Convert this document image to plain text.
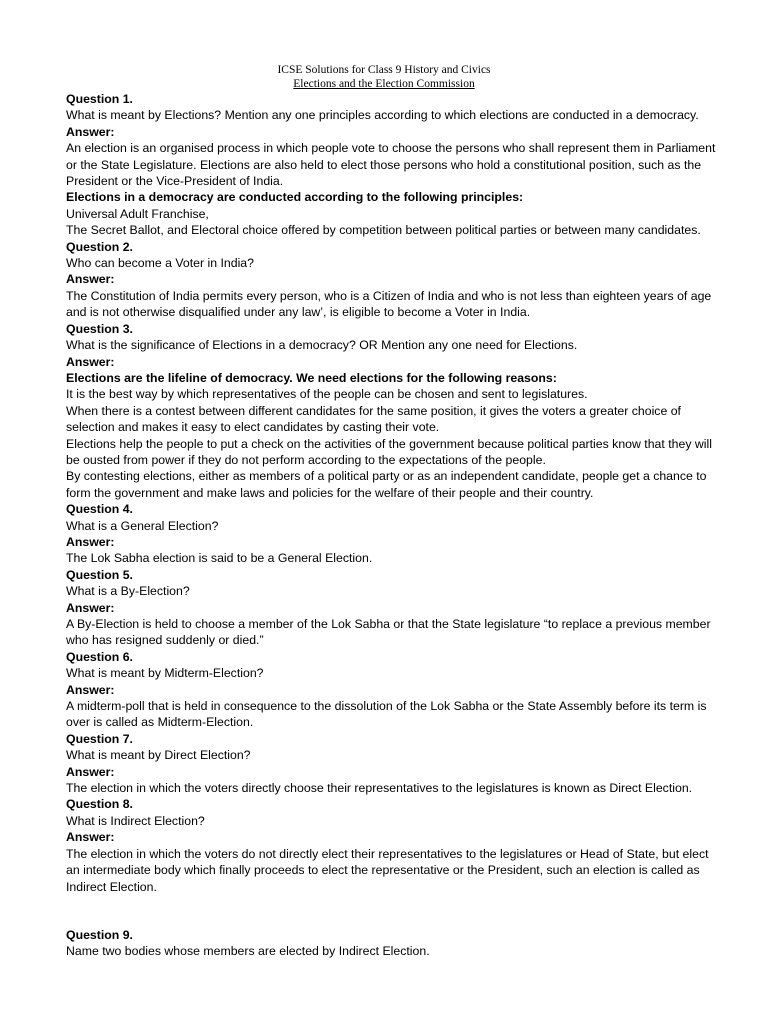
ICSE Solutions for Class 9 History and Civics
Elections and the Election Commission

Question 1.

What is meant by Elections? Mention any one principles according to which elections are conducted in a democracy.

Answer:

An election is an organised process in which people vote to choose the persons who shall represent them in Parliament or the State Legislature. Elections are also held to elect those persons who hold a constitutional position, such as the President or the Vice-President of India.

Elections in a democracy are conducted according to the following principles:

Universal Adult Franchise,

The Secret Ballot, and Electoral choice offered by competition between political parties or between many candidates.

Question 2.

Who can become a Voter in India?

Answer:

The Constitution of India permits every person, who is a Citizen of India and who is not less than eighteen years of age and is not otherwise disqualified under any law’, is eligible to become a Voter in India.

Question 3.

What is the significance of Elections in a democracy? OR Mention any one need for Elections.

Answer:

Elections are the lifeline of democracy. We need elections for the following reasons:

It is the best way by which representatives of the people can be chosen and sent to legislatures.

When there is a contest between different candidates for the same position, it gives the voters a greater choice of selection and makes it easy to elect candidates by casting their vote.

Elections help the people to put a check on the activities of the government because political parties know that they will be ousted from power if they do not perform according to the expectations of the people.

By contesting elections, either as members of a political party or as an independent candidate, people get a chance to form the government and make laws and policies for the welfare of their people and their country.

Question 4.

What is a General Election?

Answer:

The Lok Sabha election is said to be a General Election.

Question 5.

What is a By-Election?

Answer:

A By-Election is held to choose a member of the Lok Sabha or that the State legislature “to replace a previous member who has resigned suddenly or died.”

Question 6.

What is meant by Midterm-Election?

Answer:

A midterm-poll that is held in consequence to the dissolution of the Lok Sabha or the State Assembly before its term is over is called as Midterm-Election.

Question 7.

What is meant by Direct Election?

Answer:

The election in which the voters directly choose their representatives to the legislatures is known as Direct Election.

Question 8.

What is Indirect Election?

Answer:

The election in which the voters do not directly elect their representatives to the legislatures or Head of State, but elect an intermediate body which finally proceeds to elect the representative or the President, such an election is called as Indirect Election.

Question 9.

Name two bodies whose members are elected by Indirect Election.
